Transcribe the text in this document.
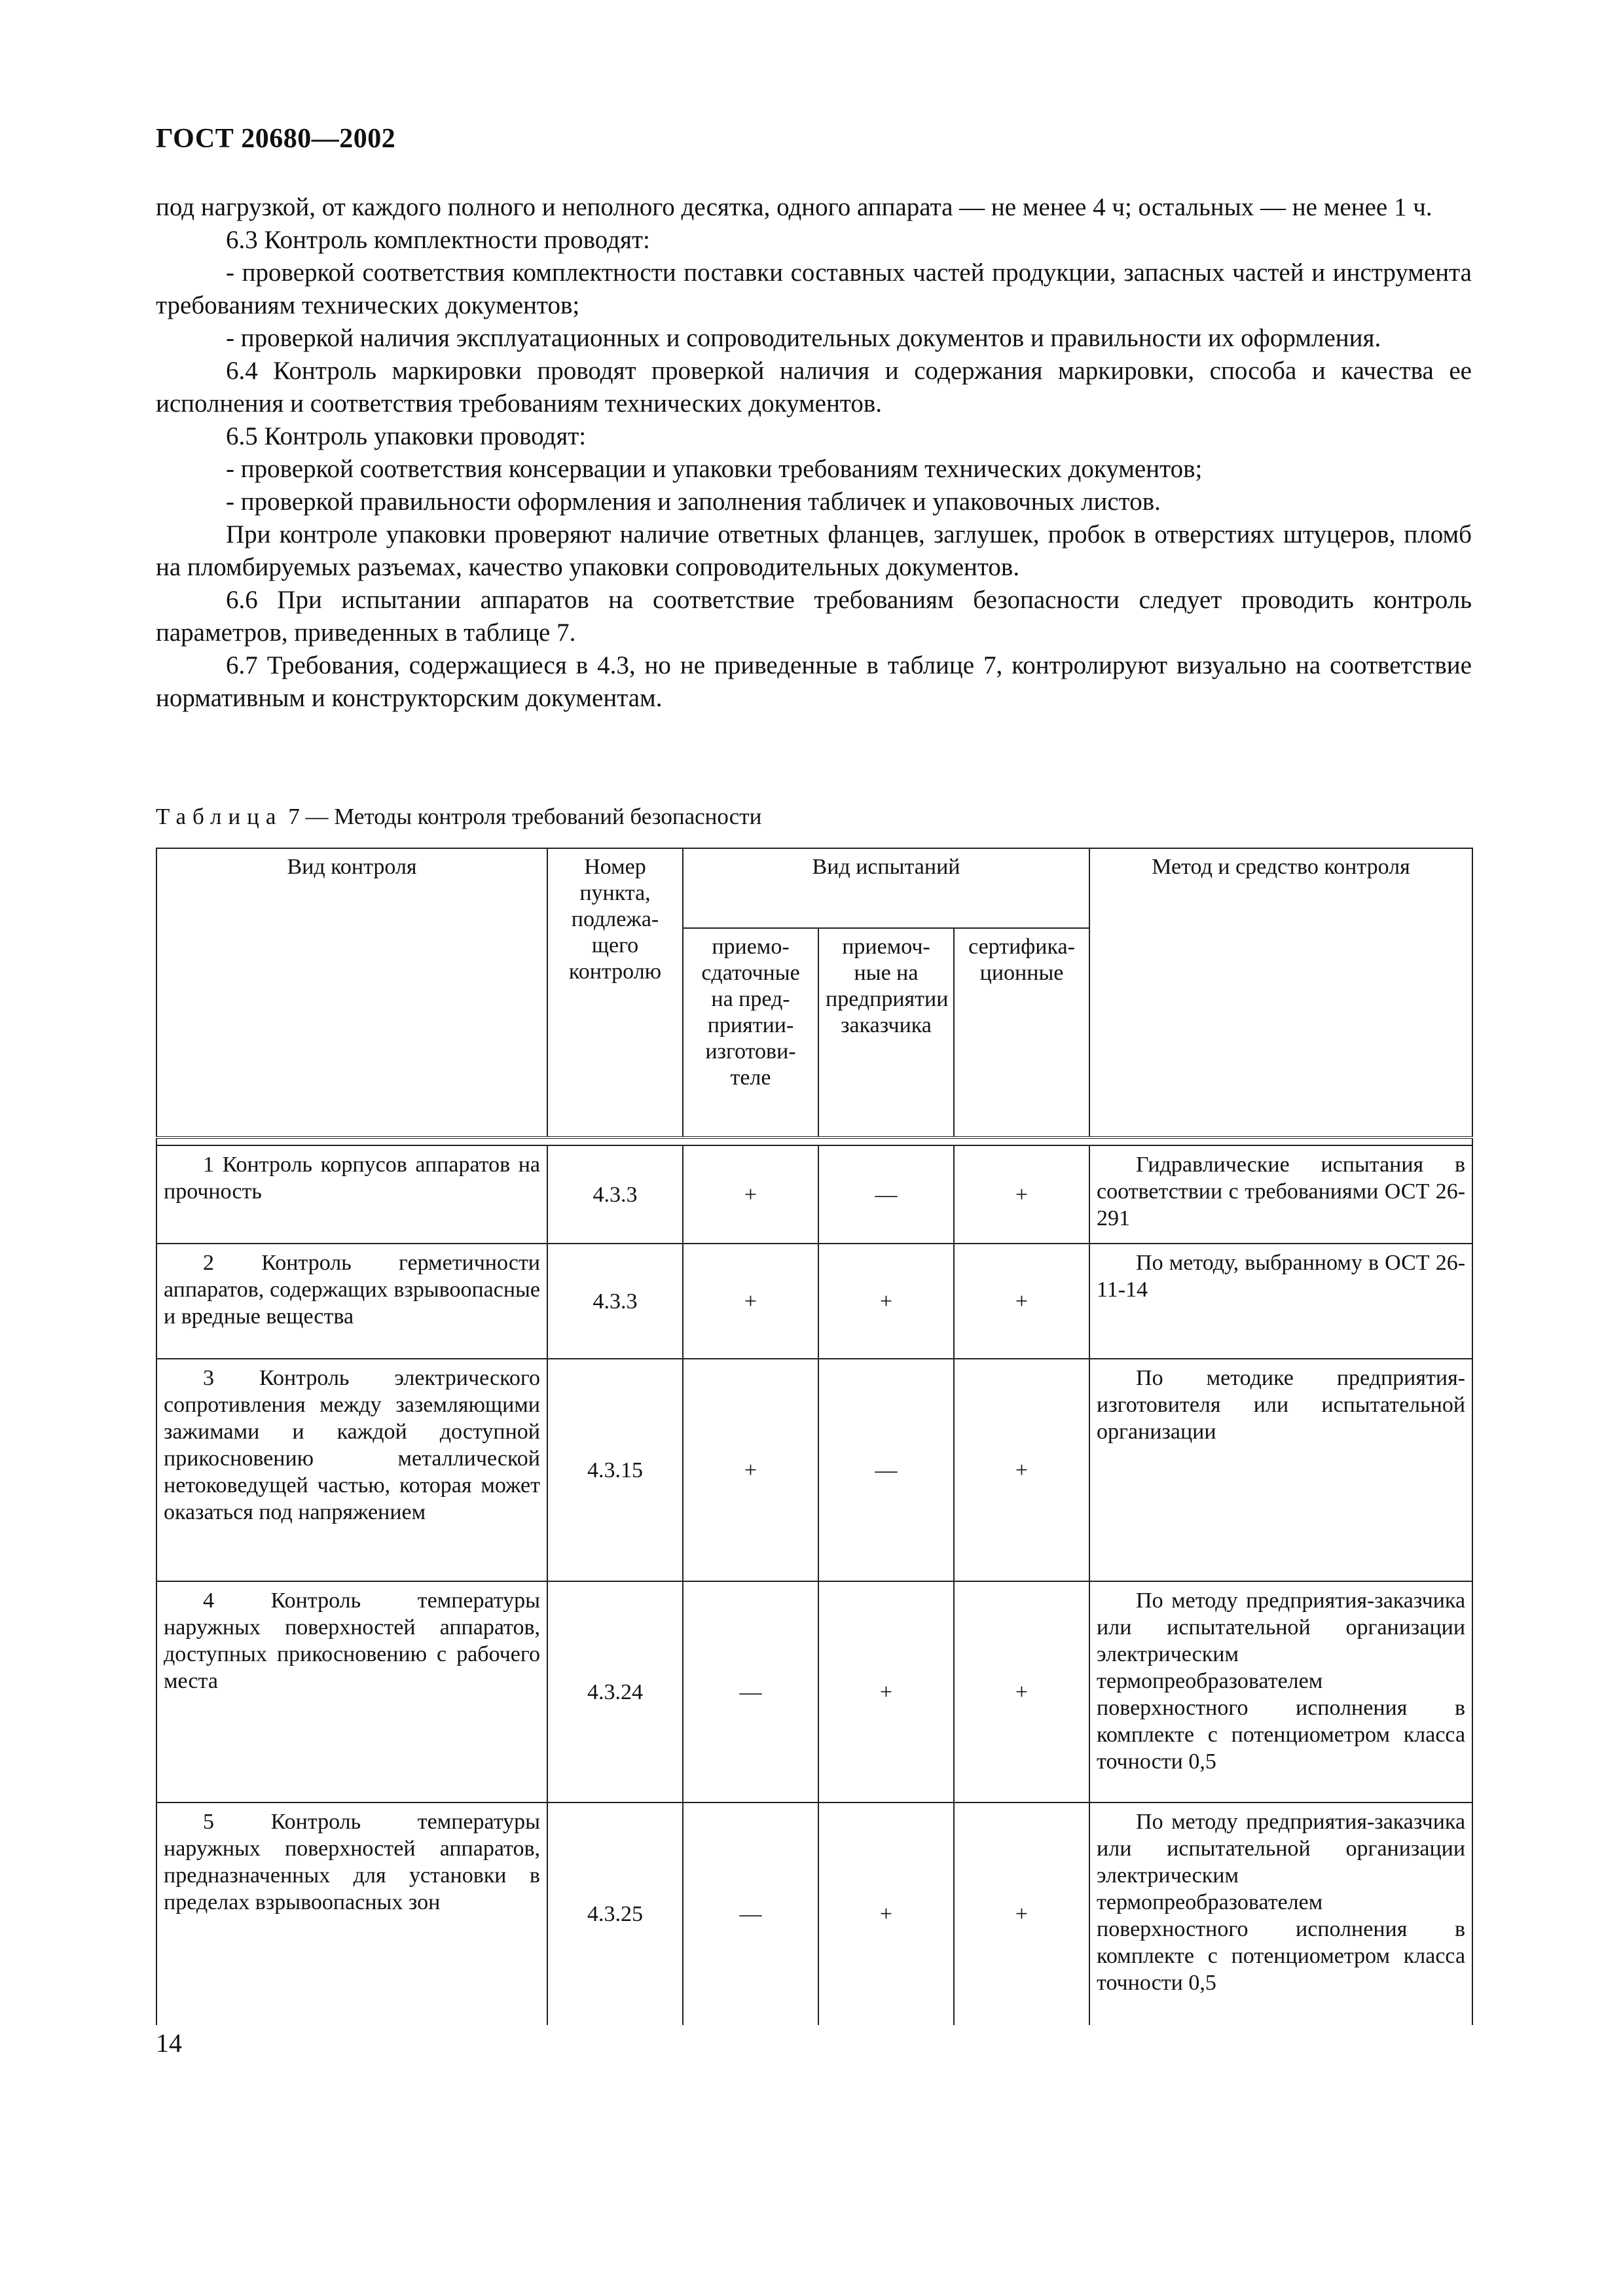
ГОСТ 20680—2002

под нагрузкой, от каждого полного и неполного десятка, одного аппарата — не менее 4 ч; остальных — не менее 1 ч.

6.3 Контроль комплектности проводят:

- проверкой соответствия комплектности поставки составных частей продукции, запасных частей и инструмента требованиям технических документов;

- проверкой наличия эксплуатационных и сопроводительных документов и правильности их оформления.

6.4 Контроль маркировки проводят проверкой наличия и содержания маркировки, способа и качества ее исполнения и соответствия требованиям технических документов.

6.5 Контроль упаковки проводят:

- проверкой соответствия консервации и упаковки требованиям технических документов;

- проверкой правильности оформления и заполнения табличек и упаковочных листов.

При контроле упаковки проверяют наличие ответных фланцев, заглушек, пробок в отверстиях штуцеров, пломб на пломбируемых разъемах, качество упаковки сопроводительных документов.

6.6 При испытании аппаратов на соответствие требованиям безопасности следует проводить контроль параметров, приведенных в таблице 7.

6.7 Требования, содержащиеся в 4.3, но не приведенные в таблице 7, контролируют визуально на соответствие нормативным и конструкторским документам.

Таблица 7 — Методы контроля требований безопасности
Вид контроля	Номер пункта, подлежа- щего контролю	Вид испытаний			Метод и средство контроля
		приемо- сдаточные на пред- приятии- изготови- теле	приемоч- ные на предприятии заказчика	сертифика- ционные	

1 Контроль корпусов аппаратов на прочность	4.3.3	+	—	+	Гидравлические испытания в соответствии с требованиями ОСТ 26-291

2 Контроль герметичности аппаратов, содержащих взрывоопасные и вредные вещества	4.3.3	+	+	+	По методу, выбранному в ОСТ 26-11-14

3 Контроль электрического сопротивления между заземляющими зажимами и каждой доступной прикосновению металлической нетоковедущей частью, которая может оказаться под напряжением	4.3.15	+	—	+	По методике предприятия-изготовителя или испытательной организации

4 Контроль температуры наружных поверхностей аппаратов, доступных прикосновению с рабочего места	4.3.24	—	+	+	По методу предприятия-заказчика или испытательной организации электрическим термопреобразователем поверхностного исполнения в комплекте с потенциометром класса точности 0,5

5 Контроль температуры наружных поверхностей аппаратов, предназначенных для установки в пределах взрывоопасных зон	4.3.25	—	+	+	По методу предприятия-заказчика или испытательной организации электрическим термопреобразователем поверхностного исполнения в комплекте с потенциометром класса точности 0,5
14
